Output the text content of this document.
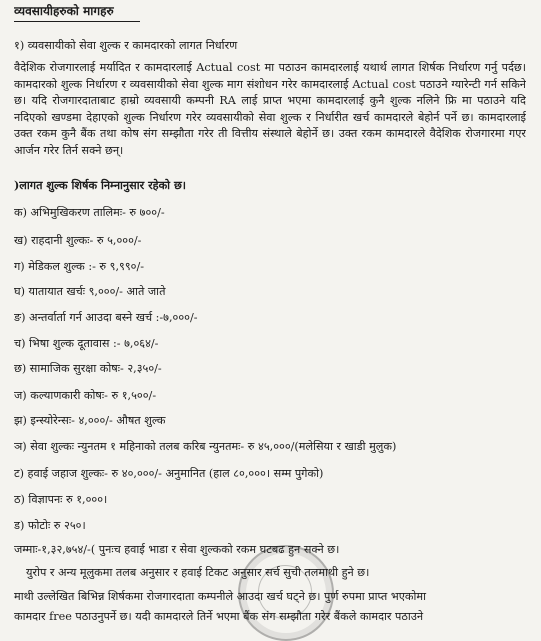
व्यवसायीहरुको मागहरु
१) व्यवसायीको सेवा शुल्क र कामदारको लागत निर्धारण
वैदेशिक रोजगारलाई मर्यादित र कामदारलाई Actual cost मा पठाउन कामदारलाई यथार्थ लागत शिर्षक निर्धारण गर्नु पर्दछ। कामदारको शुल्क निर्धारण र व्यवसायीको सेवा शुल्क माग संशोधन गरेर कामदारलाई Actual cost पठाउने ग्यारेन्टी गर्न सकिने छ। यदि रोजगारदाताबाट हाम्रो व्यवसायी कम्पनी RA लाई प्राप्त भएमा कामदारलाई कुनै शुल्क नलिने फ्रि मा पठाउने यदि नदिएको खण्डमा देहाएको शुल्क निर्धारण गरेर व्यवसायीको सेवा शुल्क र निर्धारीत खर्च कामदारले बेहोर्न पर्ने छ। कामदारलाई उक्त रकम कुनै बैंक तथा कोष संग सम्झौता गरेर ती वित्तीय संस्थाले बेहोर्ने छ। उक्त रकम कामदारले वैदेशिक रोजगारमा गएर आर्जन गरेर तिर्न सक्ने छन्।
)लागत शुल्क शिर्षक निम्नानुसार रहेको छ।
क) अभिमुखिकरण तालिमः- रु ७००/-
ख) राहदानी शुल्कः- रु ५,०००/-
ग) मेडिकल शुल्क :- रु ९,९९०/-
घ) यातायात खर्चः ९,०००/- आते जाते
ङ) अन्तर्वार्ता गर्न आउदा बस्ने खर्च :-७,०००/-
च) भिषा शुल्क दूतावास :- ७,०६४/-
छ) सामाजिक सुरक्षा कोषः- २,३५०/-
ज) कल्याणकारी कोषः- रु १,५००/-
झ) इन्स्योरेन्सः- ४,०००/- औषत शुल्क
ञ) सेवा शुल्कः न्युनतम १ महिनाको तलब करिब न्युनतमः- रु ४५,०००/(मलेसिया र खाडी मुलुक)
ट) हवाई जहाज शुल्कः- रु ४०,०००/- अनुमानित (हाल ८०,०००। सम्म पुगेको)
ठ) विज्ञापनः रु १,०००।
ड) फोटोः रु २५०।
जम्माः-१,३२,७५४/-( पुनःच हवाई भाडा र सेवा शुल्कको रकम घटबढ हुन सक्ने छ।
युरोप र अन्य मूलुकमा तलब अनुसार र हवाई टिकट अनुसार सर्च सुची तलमाथी हुने छ।
माथी उल्लेखित बिभिन्न शिर्षकमा रोजगारदाता कम्पनीले आउदा खर्च घट्ने छ। पुर्ण रुपमा प्राप्त भएकोमा
कामदार free पठाउनुपर्ने छ। यदी कामदारले तिर्ने भएमा बैंक संग सम्झौता गरेर बैंकले कामदार पठाउने
